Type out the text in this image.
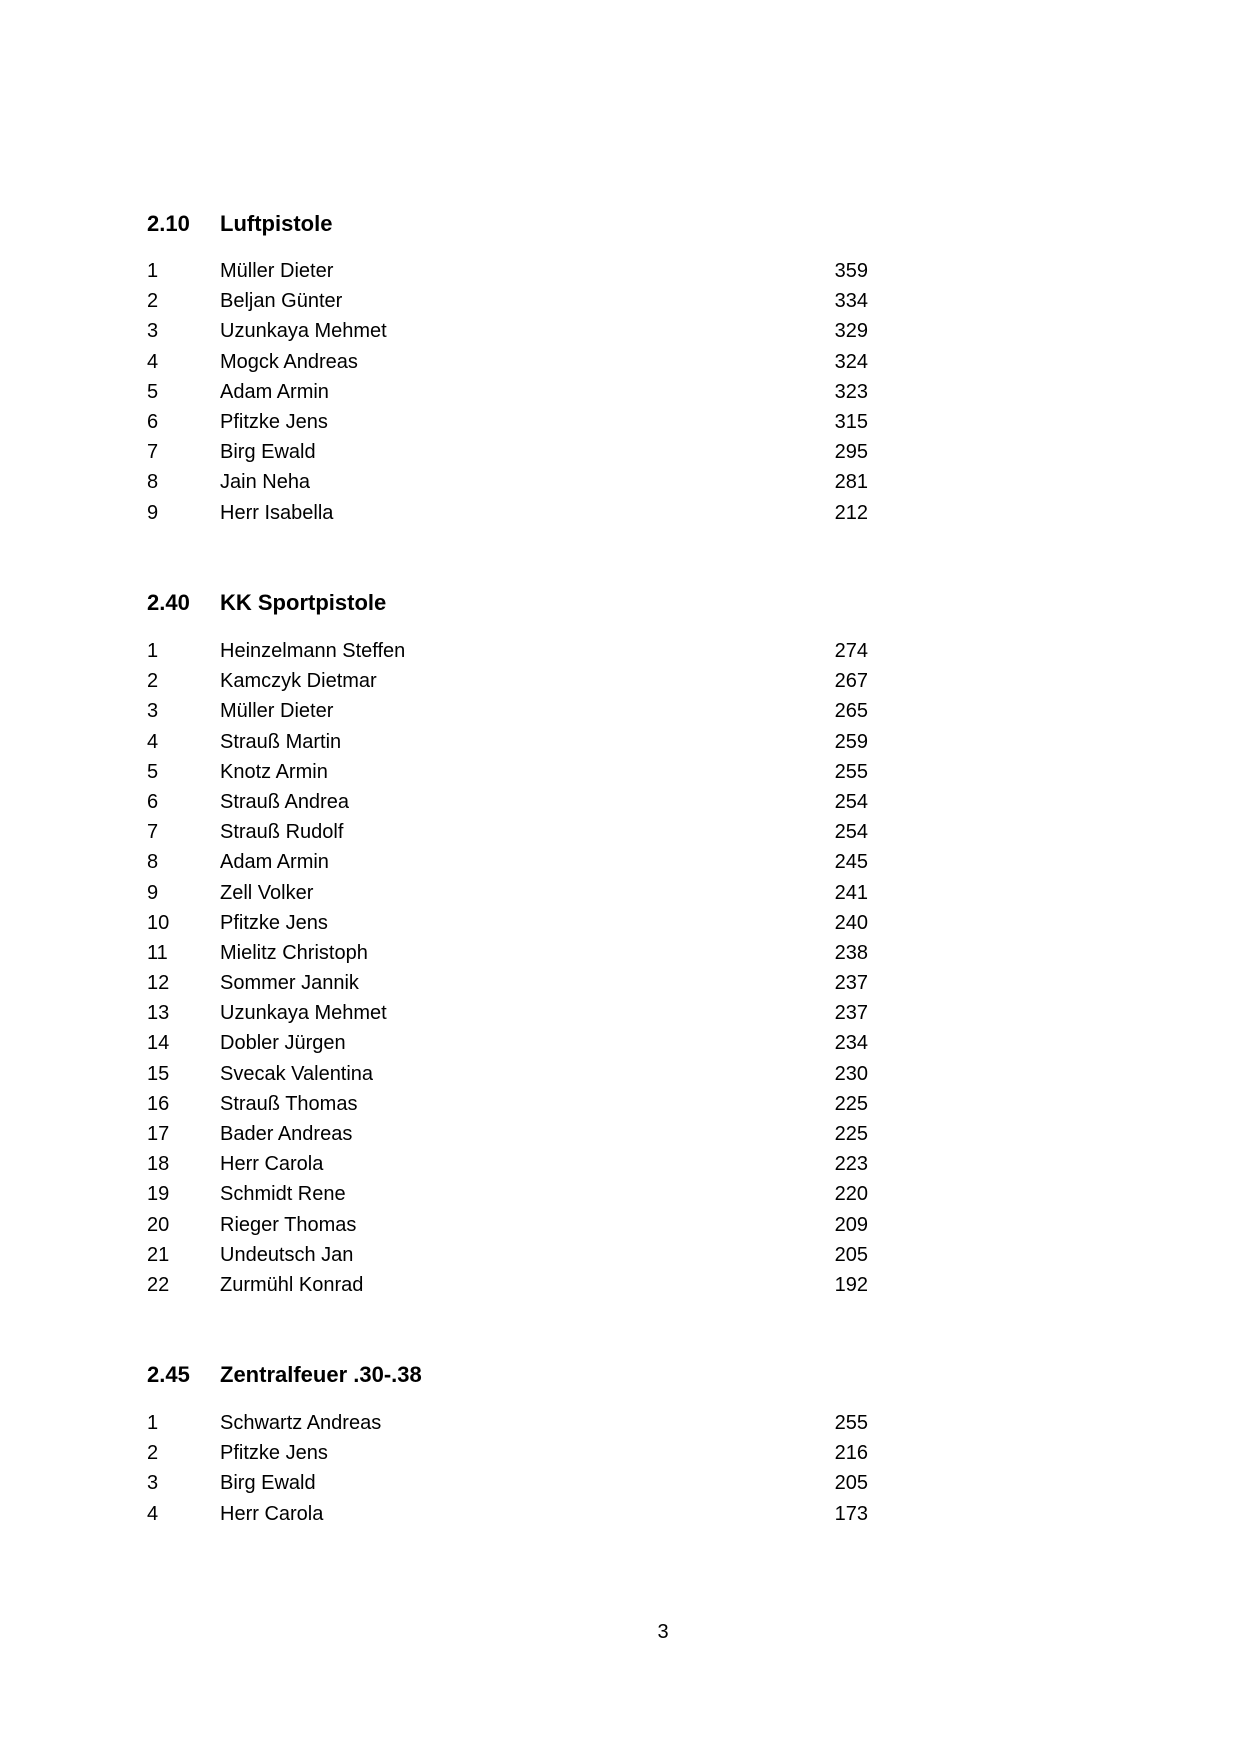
2.10 Luftpistole
1	Müller Dieter	359
2	Beljan Günter	334
3	Uzunkaya Mehmet	329
4	Mogck Andreas	324
5	Adam Armin	323
6	Pfitzke Jens	315
7	Birg Ewald	295
8	Jain Neha	281
9	Herr Isabella	212
2.40 KK Sportpistole
1	Heinzelmann Steffen	274
2	Kamczyk Dietmar	267
3	Müller Dieter	265
4	Strauß Martin	259
5	Knotz Armin	255
6	Strauß Andrea	254
7	Strauß Rudolf	254
8	Adam Armin	245
9	Zell Volker	241
10	Pfitzke Jens	240
11	Mielitz Christoph	238
12	Sommer Jannik	237
13	Uzunkaya Mehmet	237
14	Dobler Jürgen	234
15	Svecak Valentina	230
16	Strauß Thomas	225
17	Bader Andreas	225
18	Herr Carola	223
19	Schmidt Rene	220
20	Rieger Thomas	209
21	Undeutsch Jan	205
22	Zurmühl Konrad	192
2.45 Zentralfeuer .30-.38
1	Schwartz Andreas	255
2	Pfitzke Jens	216
3	Birg Ewald	205
4	Herr Carola	173
3
